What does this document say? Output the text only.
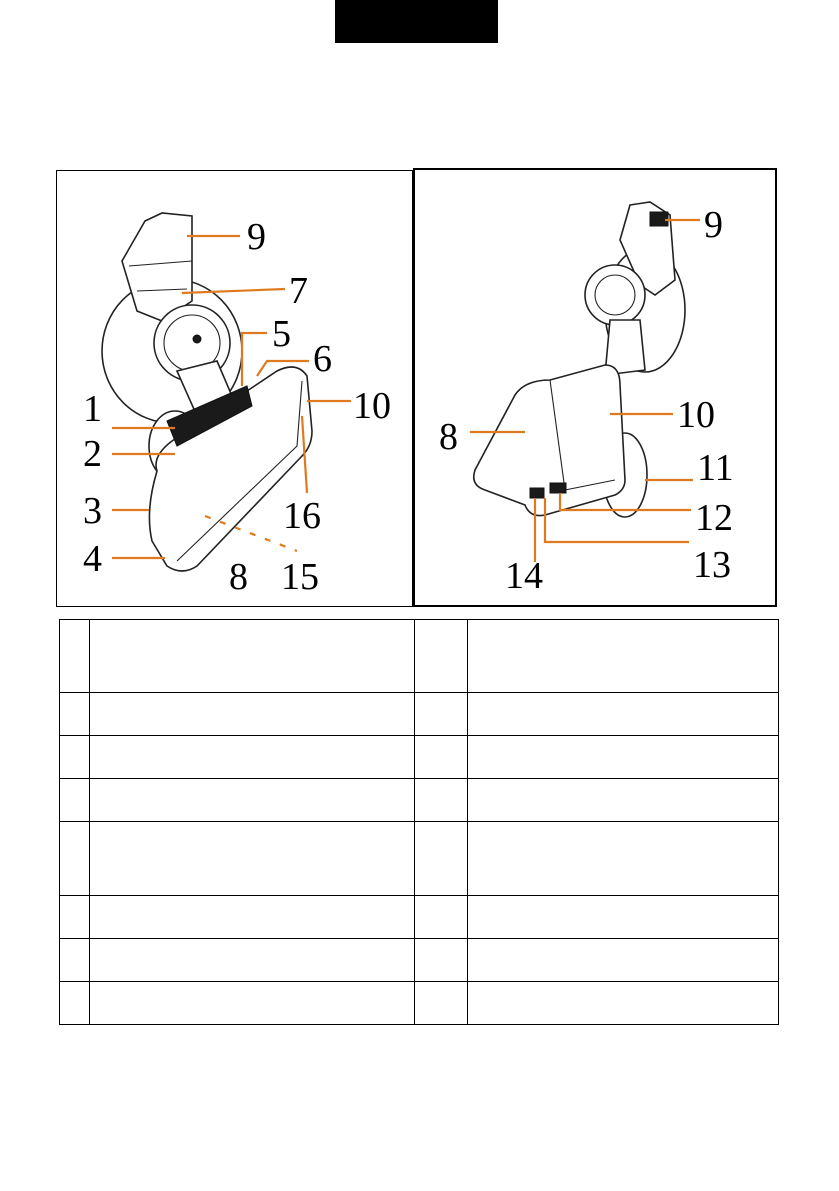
9
7
5
6
10
1
2
3	16
4	8 15
9
10
8
11
12
14	13
